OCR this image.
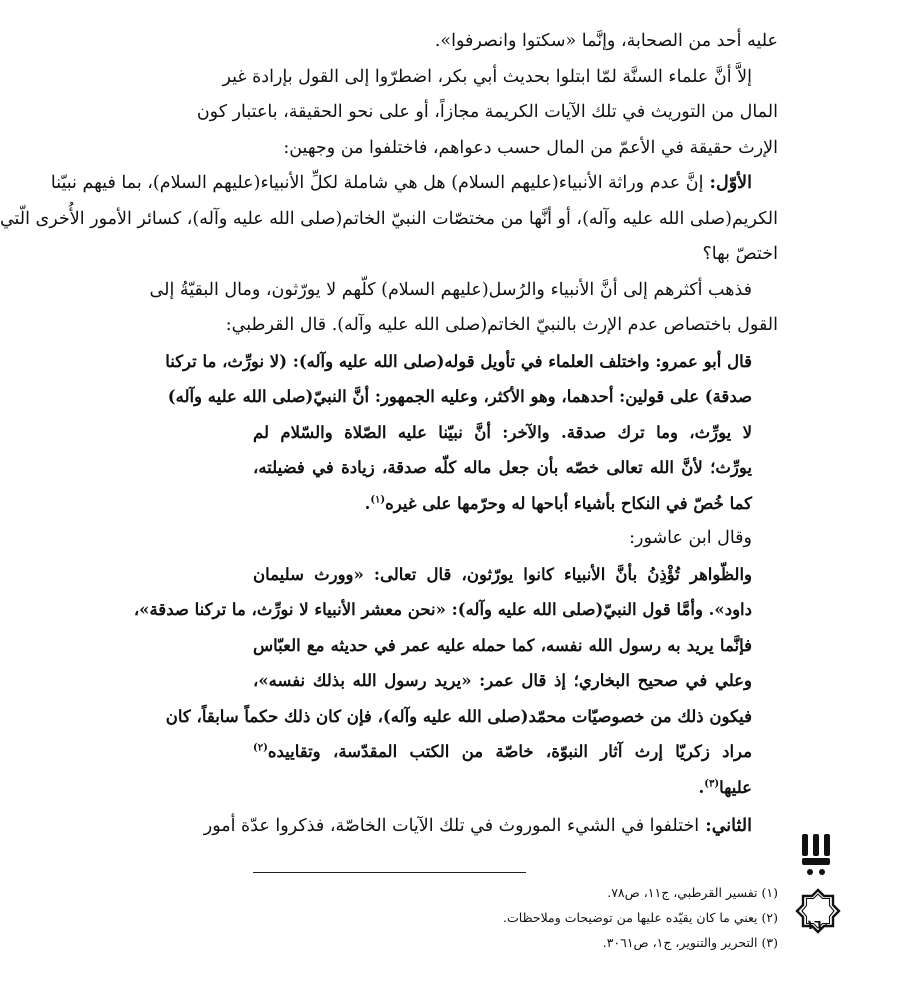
عليه أحد من الصحابة، وإنَّما «سكتوا وانصرفوا».
إلاَّ أنَّ علماء السنَّة لمّا ابتلوا بحديث أبي بكر، اضطرّوا إلى القول بإرادة غير
المال من التوريث في تلك الآيات الكريمة مجازاً، أو على نحو الحقيقة، باعتبار كون
الإرث حقيقة في الأعمّ من المال حسب دعواهم، فاختلفوا من وجهين:
الأوّل: إنَّ عدم وراثة الأنبياء(عليهم السلام) هل هي شاملة لكلِّ الأنبياء(عليهم السلام)، بما فيهم نبيّنا
الكريم(صلى الله عليه وآله)، أو أنَّها من مختصّات النبيّ الخاتم(صلى الله عليه وآله)، كسائر الأمور الأُخرى الّتي
اختصّ بها؟
فذهب أكثرهم إلى أنَّ الأنبياء والرُسل(عليهم السلام) كلّهم لا يورّثون، ومال البقيّةُ إلى
القول باختصاص عدم الإرث بالنبيّ الخاتم(صلى الله عليه وآله). قال القرطبي:
قال أبو عمرو: واختلف العلماء في تأويل قوله(صلى الله عليه وآله): (لا نورِّث، ما تركنا
صدقة) على قولين: أحدهما، وهو الأكثر، وعليه الجمهور: أنَّ النبيّ(صلى الله عليه وآله)
لا يورِّث، وما ترك صدقة. والآخر: أنَّ نبيّنا عليه الصّلاة والسّلام لم
يورِّث؛ لأنَّ الله تعالى خصّه بأن جعل ماله كلّه صدقة، زيادة في فضيلته،
كما خُصّ في النكاح بأشياء أباحها له وحرّمها على غيره$^{(١)}$.
وقال ابن عاشور:
والظّواهر تُؤْذِنُ بأنَّ الأنبياء كانوا يورّثون، قال تعالى: «وورث سليمان
داود». وأمَّا قول النبيّ(صلى الله عليه وآله): «نحن معشر الأنبياء لا نورِّث، ما تركنا صدقة»،
فإنَّما يريد به رسول الله نفسه، كما حمله عليه عمر في حديثه مع العبّاس
وعلي في صحيح البخاري؛ إذ قال عمر: «يريد رسول الله بذلك نفسه»،
فيكون ذلك من خصوصيّات محمّد(صلى الله عليه وآله)، فإن كان ذلك حكماً سابقاً، كان
مراد زكريّا إرث آثار النبوّة، خاصّة من الكتب المقدّسة، وتقاييده$^{(٢)}$
عليها$^{(٣)}$.
الثاني: اختلفوا في الشيء الموروث في تلك الآيات الخاصّة، فذكروا عدّة أمور
(١) تفسير القرطبي، ج١١، ص٧٨.
(٢) يعني ما كان يقيّده عليها من توضيحات وملاحظات.
(٣) التحرير والتنوير، ج١، ص٣٠٦١.
١٦٠
